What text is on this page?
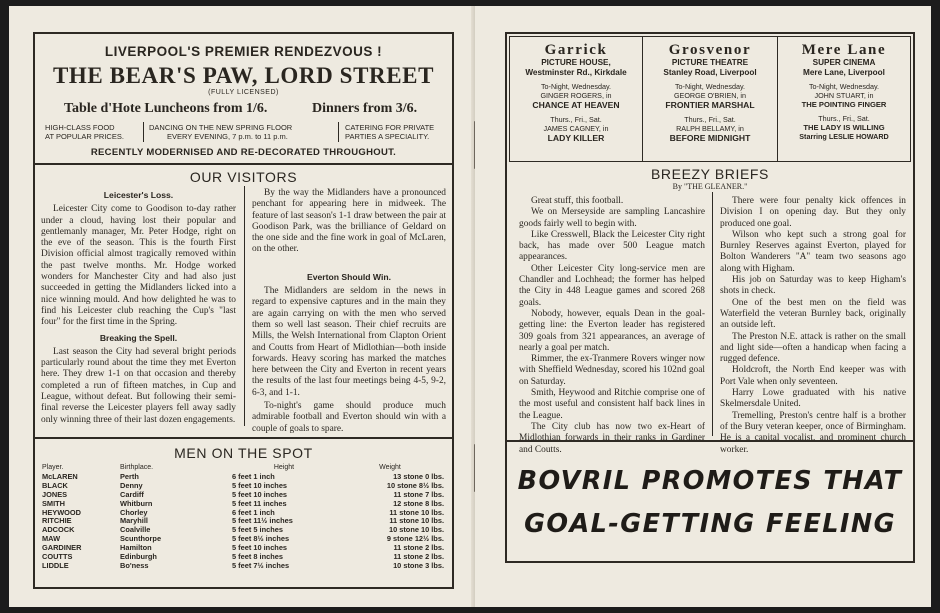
LIVERPOOL'S PREMIER RENDEZVOUS !
THE BEAR'S PAW, LORD STREET
(FULLY LICENSED)
Table d'Hote Luncheons from 1/6.	Dinners from 3/6.
HIGH-CLASS FOOD
AT POPULAR PRICES.
DANCING ON THE NEW SPRING FLOOR
EVERY EVENING, 7 p.m. to 11 p.m.
CATERING FOR PRIVATE
PARTIES A SPECIALITY.
RECENTLY MODERNISED AND RE-DECORATED THROUGHOUT.
OUR VISITORS

Leicester's Loss.

Leicester City come to Goodison to-day rather under a cloud, having lost their popular and gentlemanly manager, Mr. Peter Hodge, right on the eve of the season. This is the fourth First Division official almost tragically removed within the past twelve months. Mr. Hodge worked wonders for Manchester City and had also just succeeded in getting the Midlanders licked into a nice winning mould. And how delighted he was to find his Leicester club reaching the Cup's "last four" for the first time in the Spring.

Breaking the Spell.

Last season the City had several bright periods particularly round about the time they met Everton here. They drew 1-1 on that occasion and thereby completed a run of fifteen matches, in Cup and League, without defeat. But following their semi-final reverse the Leicester players fell away sadly only winning three of their last dozen engagements.

By the way the Midlanders have a pronounced penchant for appearing here in midweek. The feature of last season's 1-1 draw between the pair at Goodison Park, was the brilliance of Geldard on the one side and the fine work in goal of McLaren, on the other.

Everton Should Win.

The Midlanders are seldom in the news in regard to expensive captures and in the main they are again carrying on with the men who served them so well last season. Their chief recruits are Mills, the Welsh International from Clapton Orient and Coutts from Heart of Midlothian—both inside forwards. Heavy scoring has marked the matches here between the City and Everton in recent years the results of the last four meetings being 4-5, 9-2, 6-3, and 1-1.

To-night's game should produce much admirable football and Everton should win with a couple of goals to spare.

MEN ON THE SPOT
Player.	Birthplace.	Height	Weight
McLAREN	Perth	6 feet 1 inch	13 stone 0 lbs.
BLACK	Denny	5 feet 10 inches	10 stone 8½ lbs.
JONES	Cardiff	5 feet 10 inches	11 stone 7 lbs.
SMITH	Whitburn	5 feet 11 inches	12 stone 8 lbs.
HEYWOOD	Chorley	6 feet 1 inch	11 stone 10 lbs.
RITCHIE	Maryhill	5 feet 11½ inches	11 stone 10 lbs.
ADCOCK	Coalville	5 feet 5 inches	10 stone 10 lbs.
MAW	Scunthorpe	5 feet 8½ inches	9 stone 12½ lbs.
GARDINER	Hamilton	5 feet 10 inches	11 stone 2 lbs.
COUTTS	Edinburgh	5 feet 8 inches	11 stone 2 lbs.
LIDDLE	Bo'ness	5 feet 7½ inches	10 stone 3 lbs.
Garrick
PICTURE HOUSE,
Westminster Rd., Kirkdale
To-Night, Wednesday.
GINGER ROGERS, in
CHANCE AT HEAVEN
Thurs., Fri., Sat.
JAMES CAGNEY, in
LADY KILLER
Grosvenor
PICTURE THEATRE
Stanley Road, Liverpool
To-Night, Wednesday.
GEORGE O'BRIEN, in
FRONTIER MARSHAL
Thurs., Fri., Sat.
RALPH BELLAMY, in
BEFORE MIDNIGHT
Mere Lane
SUPER CINEMA
Mere Lane, Liverpool
To-Night, Wednesday.
JOHN STUART, in
THE POINTING FINGER
Thurs., Fri., Sat.
THE LADY IS WILLING
Starring LESLIE HOWARD
BREEZY BRIEFS
By "THE GLEANER."

Great stuff, this football.

We on Merseyside are sampling Lancashire goods fairly well to begin with.

Like Cresswell, Black the Leicester City right back, has made over 500 League match appearances.

Other Leicester City long-service men are Chandler and Lochhead; the former has helped the City in 448 League games and scored 268 goals.

Nobody, however, equals Dean in the goal-getting line: the Everton leader has registered 309 goals from 321 appearances, an average of nearly a goal per match.

Rimmer, the ex-Tranmere Rovers winger now with Sheffield Wednesday, scored his 102nd goal on Saturday.

Smith, Heywood and Ritchie comprise one of the most useful and consistent half back lines in the League.

The City club has now two ex-Heart of Midlothian forwards in their ranks in Gardiner and Coutts.

There were four penalty kick offences in Division I on opening day. But they only produced one goal.

Wilson who kept such a strong goal for Burnley Reserves against Everton, played for Bolton Wanderers "A" team two seasons ago along with Higham.

His job on Saturday was to keep Higham's shots in check.

One of the best men on the field was Waterfield the veteran Burnley back, originally an outside left.

The Preston N.E. attack is rather on the small and light side—often a handicap when facing a rugged defence.

Holdcroft, the North End keeper was with Port Vale when only seventeen.

Harry Lowe graduated with his native Skelmersdale United.

Tremelling, Preston's centre half is a brother of the Bury veteran keeper, once of Birmingham. He is a capital vocalist, and prominent church worker.

BOVRIL PROMOTES THAT
GOAL-GETTING FEELING
